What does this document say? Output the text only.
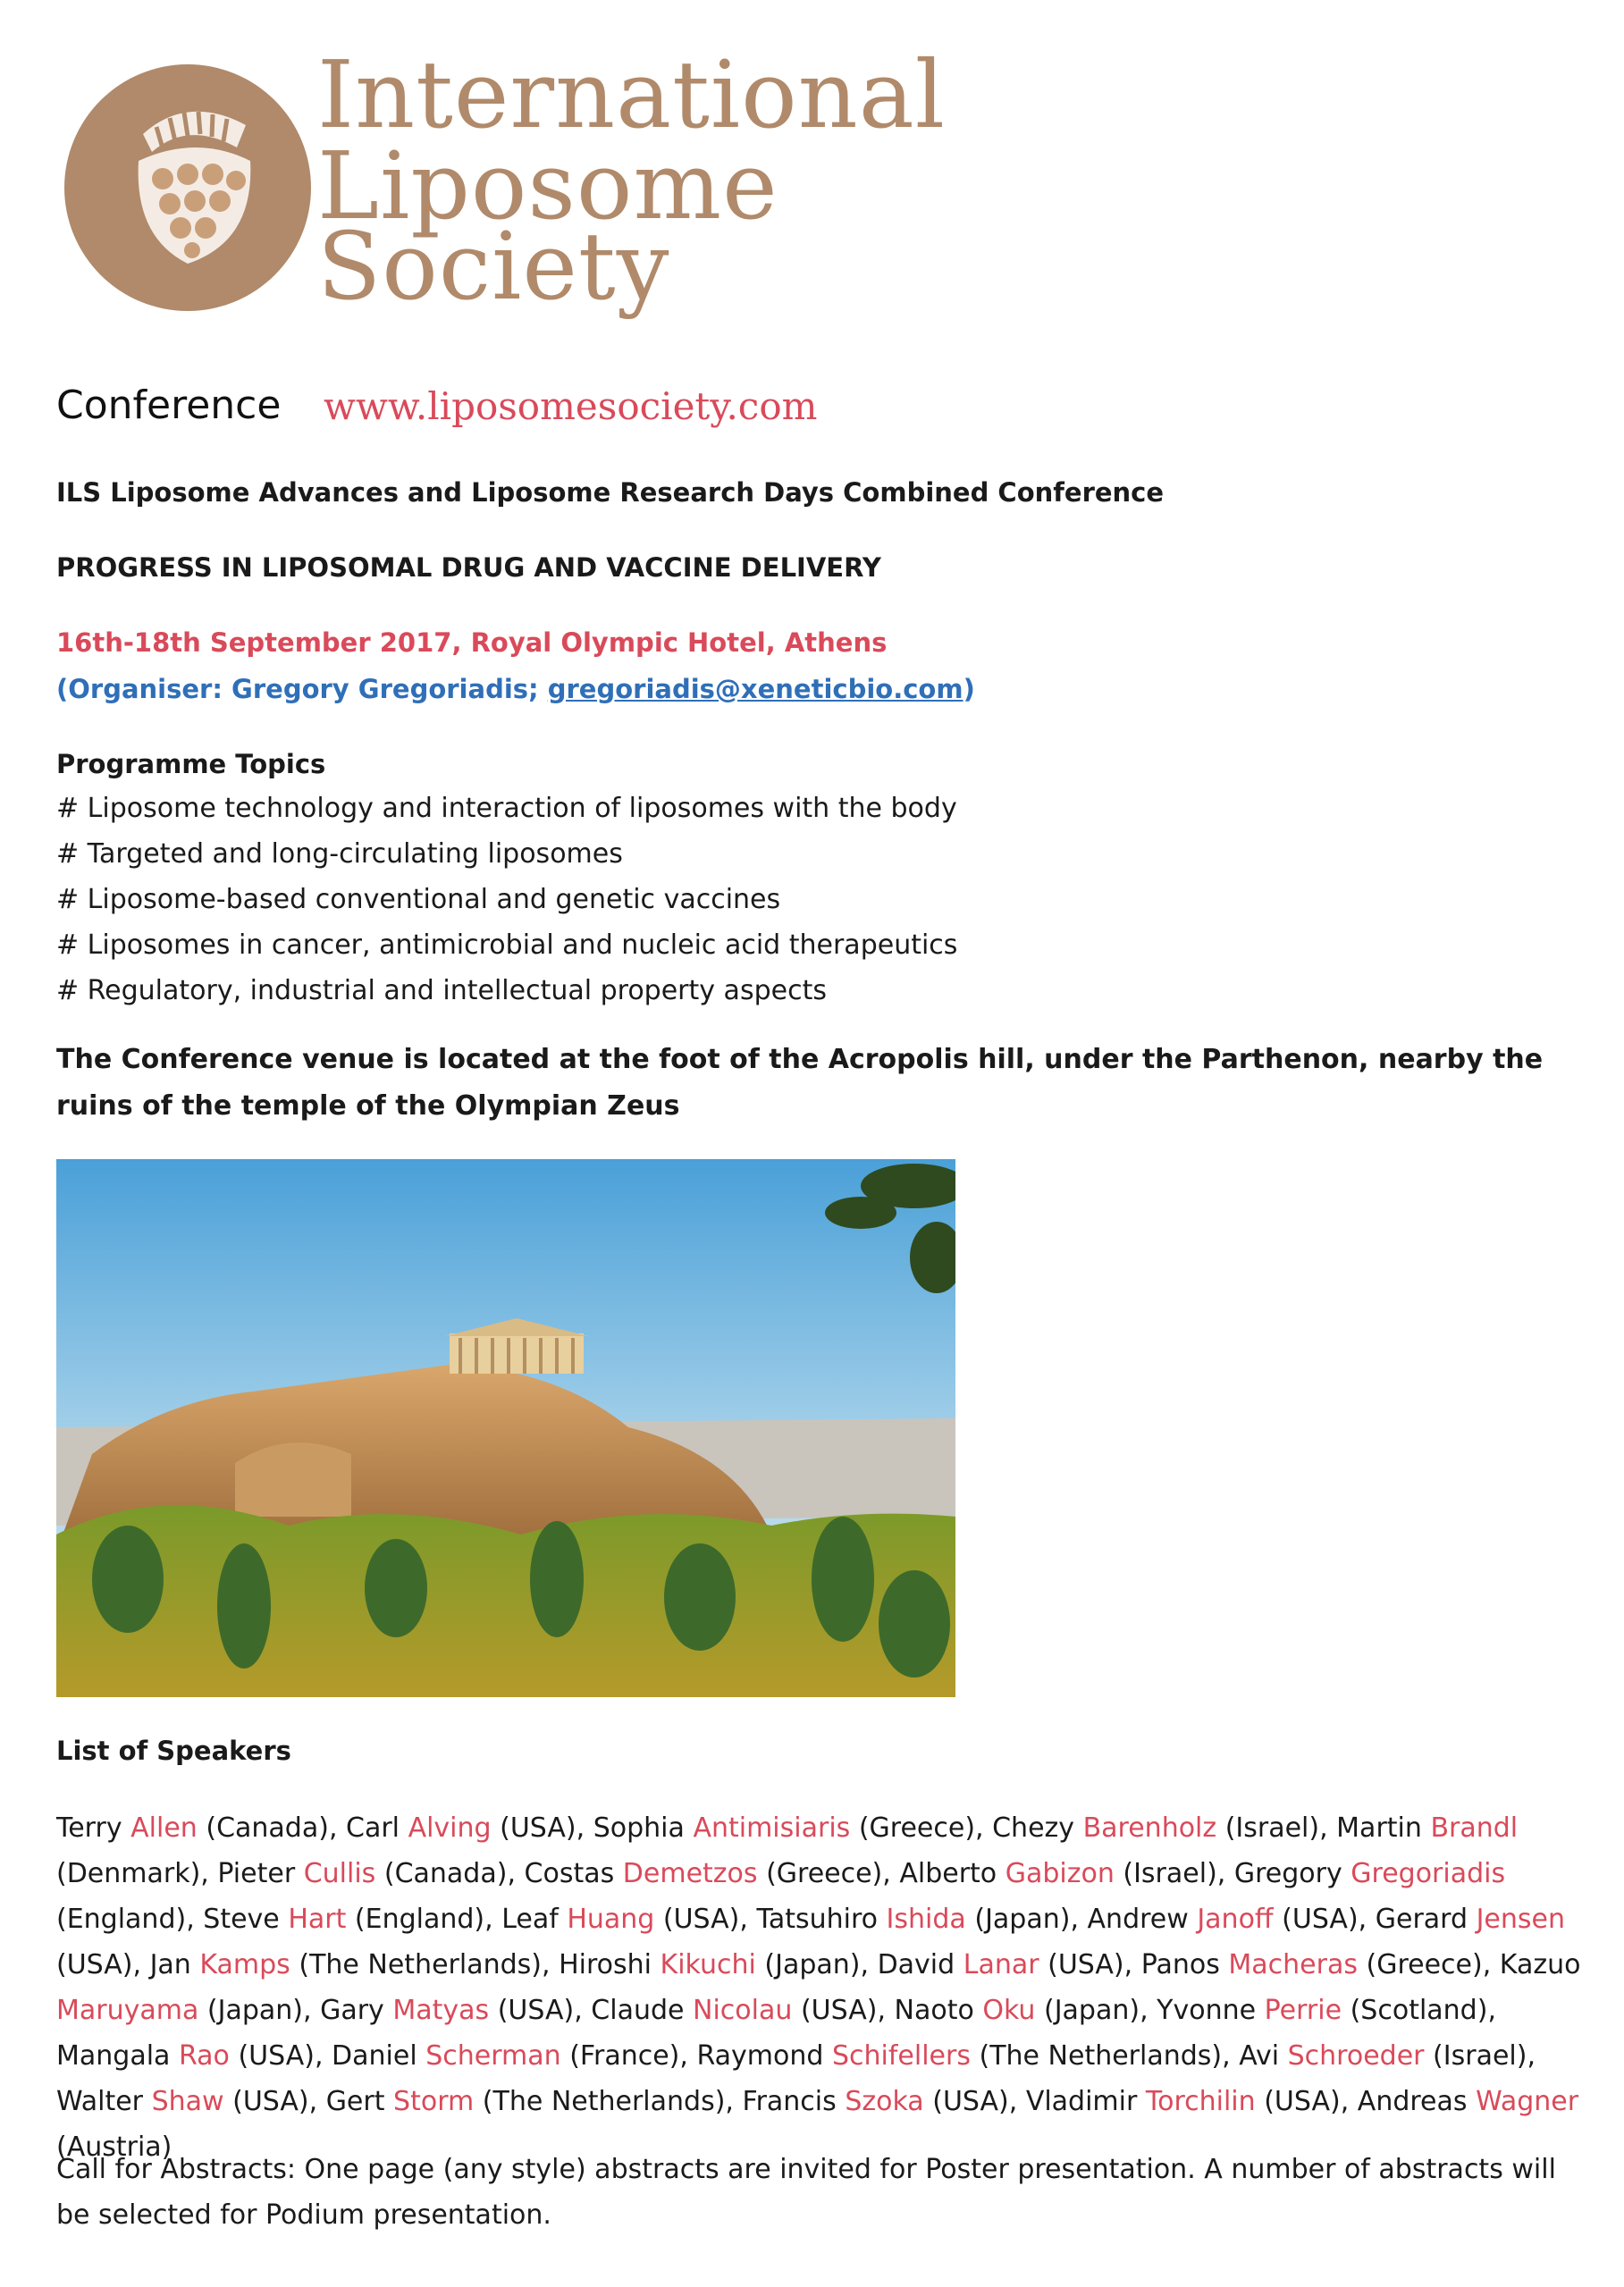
International
Liposome
Society
Conference www.liposomesociety.com
ILS Liposome Advances and Liposome Research Days Combined Conference
PROGRESS IN LIPOSOMAL DRUG AND VACCINE DELIVERY
16th-18th September 2017, Royal Olympic Hotel, Athens
(Organiser: Gregory Gregoriadis; gregoriadis@xeneticbio.com)
Programme Topics
# Liposome technology and interaction of liposomes with the body
# Targeted and long-circulating liposomes
# Liposome-based conventional and genetic vaccines
# Liposomes in cancer, antimicrobial and nucleic acid therapeutics
# Regulatory, industrial and intellectual property aspects
The Conference venue is located at the foot of the Acropolis hill, under the Parthenon, nearby the ruins of the temple of the Olympian Zeus
List of Speakers
Terry Allen (Canada), Carl Alving (USA), Sophia Antimisiaris (Greece), Chezy Barenholz (Israel), Martin Brandl (Denmark), Pieter Cullis (Canada), Costas Demetzos (Greece), Alberto Gabizon (Israel), Gregory Gregoriadis (England), Steve Hart (England), Leaf Huang (USA), Tatsuhiro Ishida (Japan), Andrew Janoff (USA), Gerard Jensen (USA), Jan Kamps (The Netherlands), Hiroshi Kikuchi (Japan), David Lanar (USA), Panos Macheras (Greece), Kazuo Maruyama (Japan), Gary Matyas (USA), Claude Nicolau (USA), Naoto Oku (Japan), Yvonne Perrie (Scotland), Mangala Rao (USA), Daniel Scherman (France), Raymond Schifellers (The Netherlands), Avi Schroeder (Israel), Walter Shaw (USA), Gert Storm (The Netherlands), Francis Szoka (USA), Vladimir Torchilin (USA), Andreas Wagner (Austria)
Call for Abstracts: One page (any style) abstracts are invited for Poster presentation. A number of abstracts will be selected for Podium presentation.
